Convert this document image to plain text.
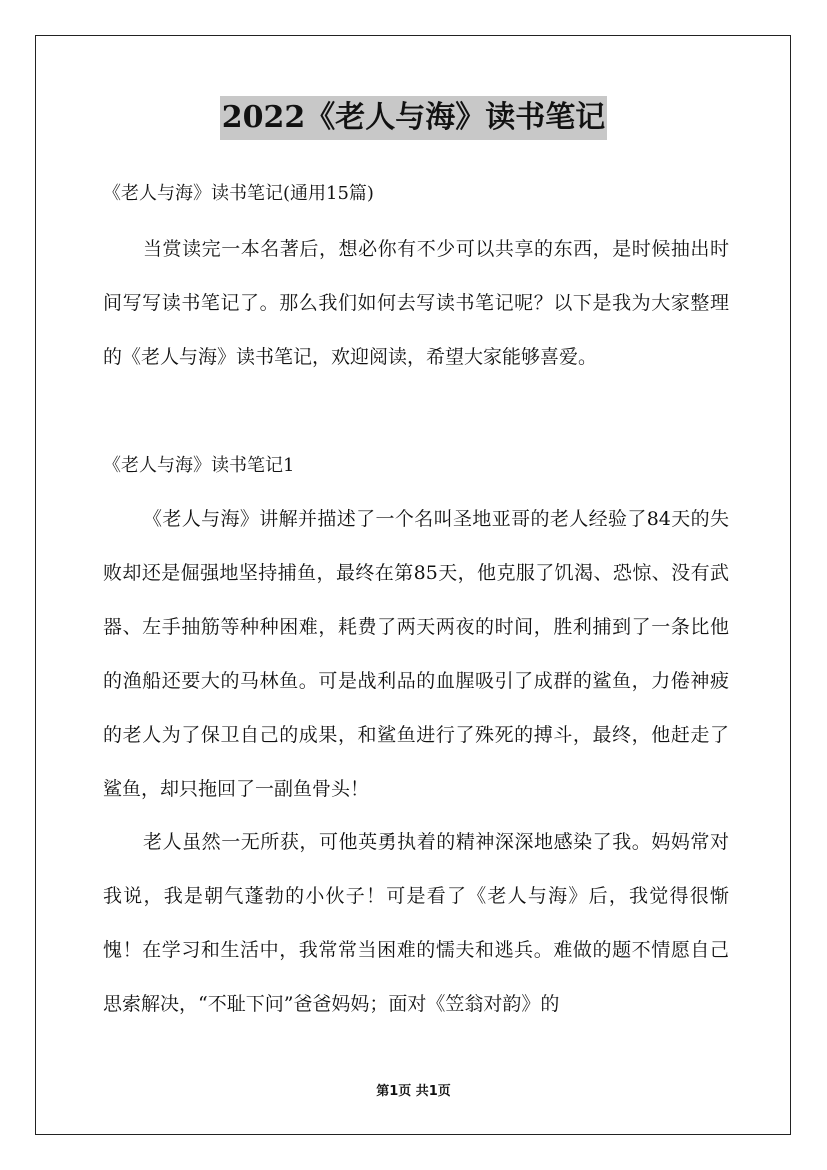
2022《老人与海》读书笔记
《老人与海》读书笔记(通用15篇)

当赏读完一本名著后，想必你有不少可以共享的东西，是时候抽出时间写写读书笔记了。那么我们如何去写读书笔记呢？以下是我为大家整理的《老人与海》读书笔记，欢迎阅读，希望大家能够喜爱。

《老人与海》读书笔记1

《老人与海》讲解并描述了一个名叫圣地亚哥的老人经验了84天的失败却还是倔强地坚持捕鱼，最终在第85天，他克服了饥渴、恐惊、没有武器、左手抽筋等种种困难，耗费了两天两夜的时间，胜利捕到了一条比他的渔船还要大的马林鱼。可是战利品的血腥吸引了成群的鲨鱼，力倦神疲的老人为了保卫自己的成果，和鲨鱼进行了殊死的搏斗，最终，他赶走了鲨鱼，却只拖回了一副鱼骨头！

老人虽然一无所获，可他英勇执着的精神深深地感染了我。妈妈常对我说，我是朝气蓬勃的小伙子！可是看了《老人与海》后，我觉得很惭愧！在学习和生活中，我常常当困难的懦夫和逃兵。难做的题不情愿自己思索解决，“不耻下问”爸爸妈妈；面对《笠翁对韵》的

第1页 共1页
